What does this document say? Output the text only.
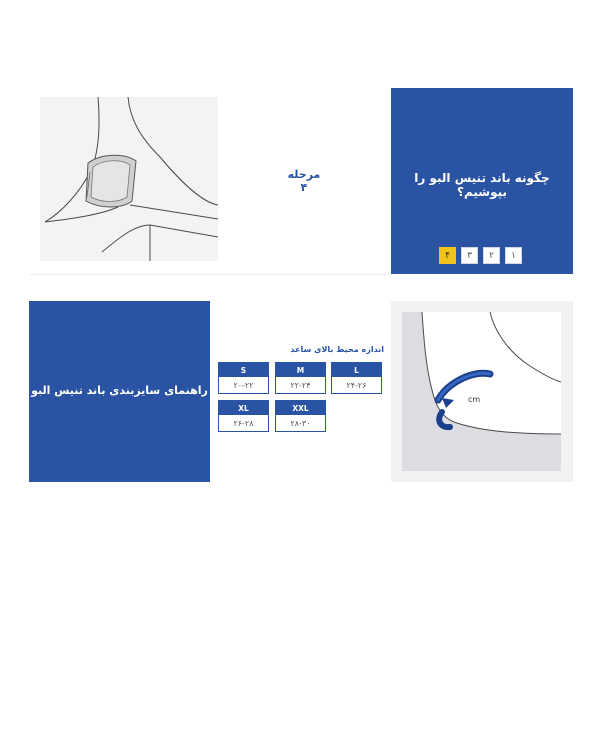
مرحله ۴
چگونه باند تنیس البو را بپوشیم؟
۴	۳	۲	۱
راهنمای سایزبندی باند تنیس البو
اندازه محیط بالای ساعد
L
۲۴-۲۶
M
۲۲-۲۴
S
۲۰-۲۲
XXL
۲۸-۳۰
XL
۲۶-۲۸
cm
